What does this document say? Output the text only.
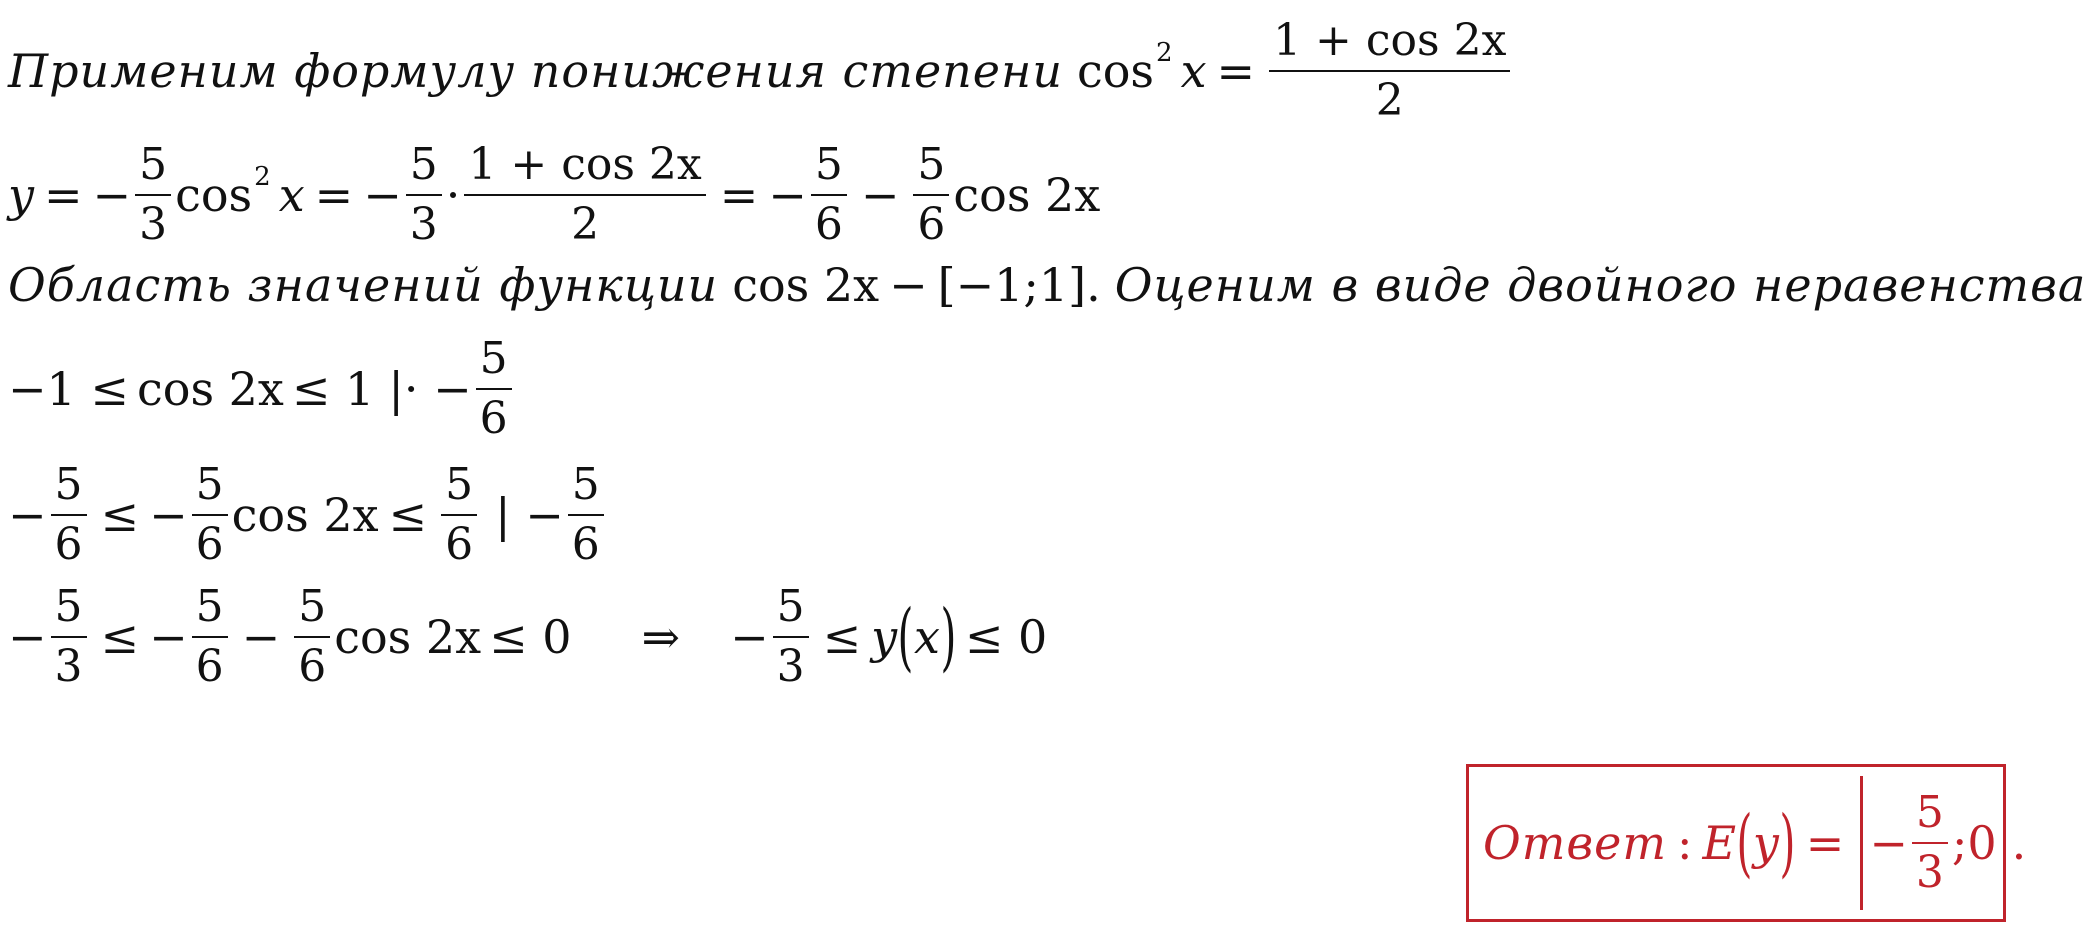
Применим формулу понижения степени cos 2 $x = \frac{1 + \cos 2x}{2}$
y = − $\frac{5}{3}$ cos 2 x = − $\frac{5}{3} \cdot \frac{1 + \cos 2x}{2}$ = − $\frac{5}{6} - \frac{5}{6}$ cos 2x
Область значений функции cos 2x − [−1;1]. Оценим в виде двойного неравенства
−1 ≤ cos 2x ≤ 1 |· − $\frac{5}{6}$
− $\frac{5}{6}$ ≤ − $\frac{5}{6}$ $\cos 2x \le \frac{5}{6}$ | − $\frac{5}{6}$
− $\frac{5}{3}$ ≤ − $\frac{5}{6} - \frac{5}{6}$ cos 2x ≤ 0 ⇒ − $\frac{5}{3} \le y$ ( x ) ≤ 0
Ответ : E ( y ) = − $\frac{5}{3}$ ;0 .
